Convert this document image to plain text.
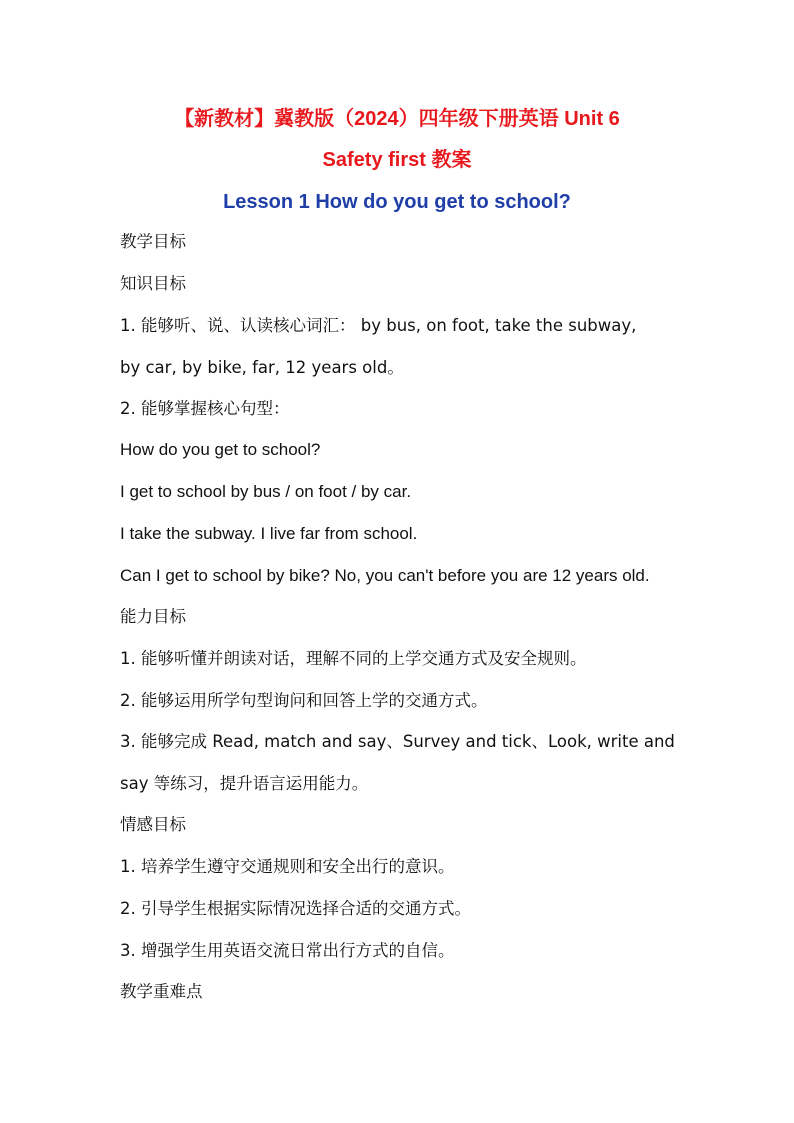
【新教材】冀教版（2024）四年级下册英语 Unit 6

Safety first 教案

Lesson 1 How do you get to school?

教学目标

知识目标

1. 能够听、说、认读核心词汇： by bus, on foot, take the subway,

by car, by bike, far, 12 years old。

2. 能够掌握核心句型：

How do you get to school?

I get to school by bus / on foot / by car.

I take the subway. I live far from school.

Can I get to school by bike? No, you can't before you are 12 years old.

能力目标

1. 能够听懂并朗读对话，理解不同的上学交通方式及安全规则。

2. 能够运用所学句型询问和回答上学的交通方式。

3. 能够完成 Read, match and say、Survey and tick、Look, write and

say 等练习，提升语言运用能力。

情感目标

1. 培养学生遵守交通规则和安全出行的意识。

2. 引导学生根据实际情况选择合适的交通方式。

3. 增强学生用英语交流日常出行方式的自信。

教学重难点
